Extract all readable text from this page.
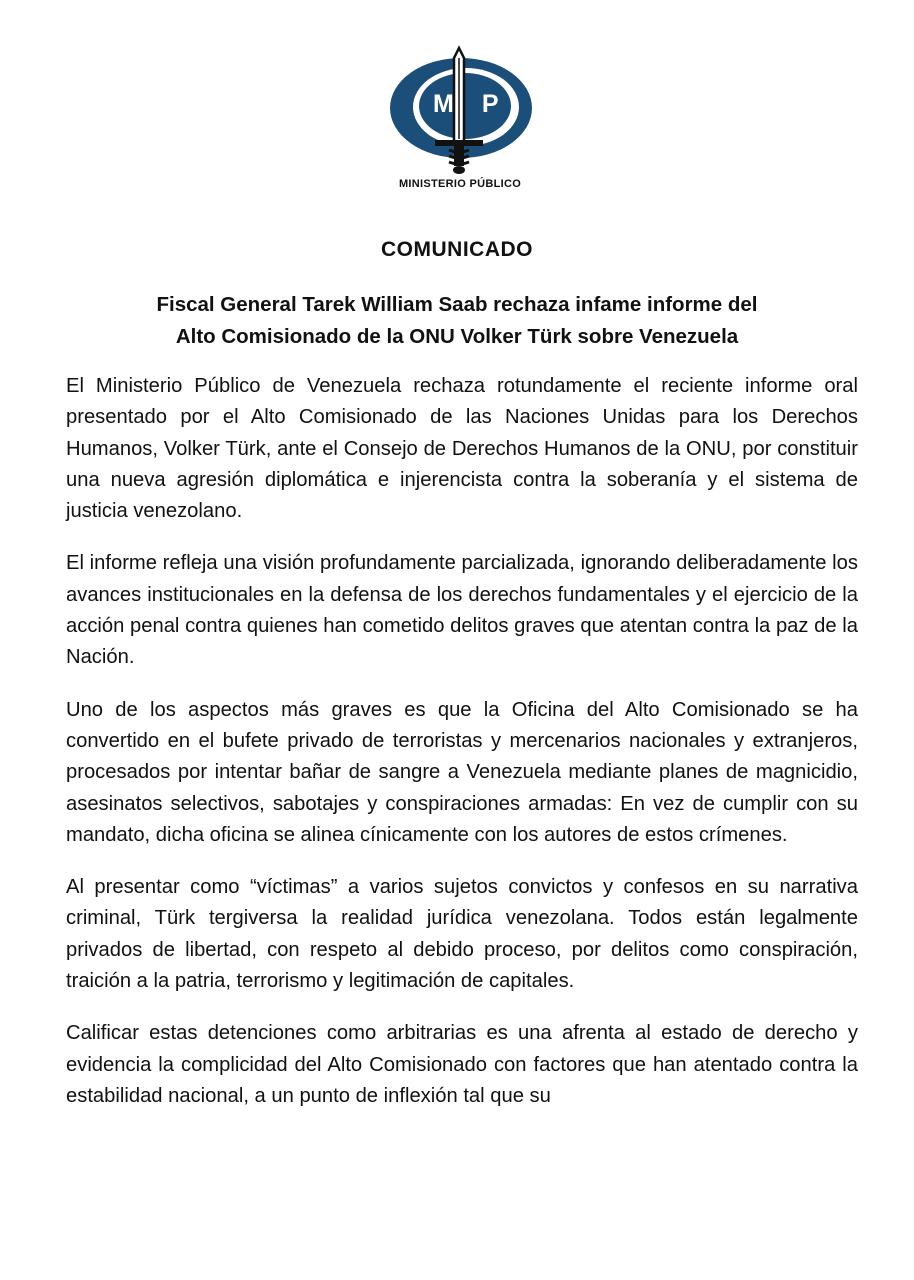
MP
MINISTERIO PÚBLICO
COMUNICADO
Fiscal General Tarek William Saab rechaza infame informe del
Alto Comisionado de la ONU Volker Türk sobre Venezuela

El Ministerio Público de Venezuela rechaza rotundamente el reciente informe oral presentado por el Alto Comisionado de las Naciones Unidas para los Derechos Humanos, Volker Türk, ante el Consejo de Derechos Humanos de la ONU, por constituir una nueva agresión diplomática e injerencista contra la soberanía y el sistema de justicia venezolano.

El informe refleja una visión profundamente parcializada, ignorando deliberadamente los avances institucionales en la defensa de los derechos fundamentales y el ejercicio de la acción penal contra quienes han cometido delitos graves que atentan contra la paz de la Nación.

Uno de los aspectos más graves es que la Oficina del Alto Comisionado se ha convertido en el bufete privado de terroristas y mercenarios nacionales y extranjeros, procesados por intentar bañar de sangre a Venezuela mediante planes de magnicidio, asesinatos selectivos, sabotajes y conspiraciones armadas: En vez de cumplir con su mandato, dicha oficina se alinea cínicamente con los autores de estos crímenes.

Al presentar como “víctimas” a varios sujetos convictos y confesos en su narrativa criminal, Türk tergiversa la realidad jurídica venezolana. Todos están legalmente privados de libertad, con respeto al debido proceso, por delitos como conspiración, traición a la patria, terrorismo y legitimación de capitales.

Calificar estas detenciones como arbitrarias es una afrenta al estado de derecho y evidencia la complicidad del Alto Comisionado con factores que han atentado contra la estabilidad nacional, a un punto de inflexión tal que su
